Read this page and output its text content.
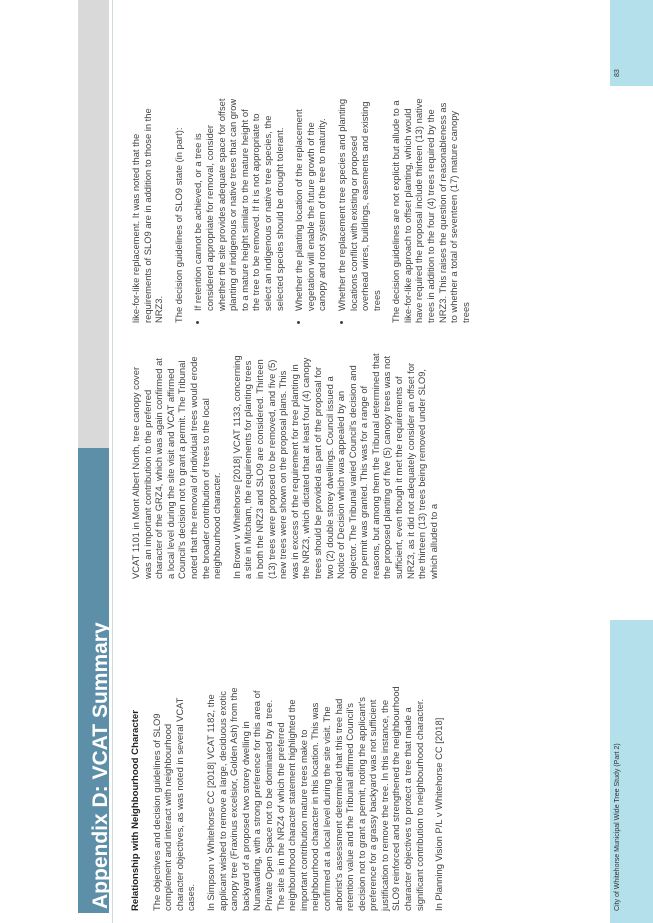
Appendix D: VCAT Summary	Relationship with Neighbourhood Character The objectives and decision guidelines of SLO9 complement and interact with neighbourhood character objectives, as was noted in several VCAT cases. In Simpson v Whitehorse CC [2018] VCAT 1182, the applicant wished to remove a large, deciduous exotic canopy tree (Fraxinus excelsior, Golden Ash) from the backyard of a proposed two storey dwelling in Nunawading, with a strong preference for this area of Private Open Space not to be dominated by a tree. The site is in the NRZ4 of which the preferred neighbourhood character statement highlighted the important contribution mature trees make to neighbourhood character in this location. This was confirmed at a local level during the site visit. The arborist's assessment determined that this tree had retention value and the Tribunal affirmed Council's decision not to grant a permit, noting the applicant's preference for a grassy backyard was not sufficient justification to remove the tree. In this instance, the SLO9 reinforced and strengthened the neighbourhood character objectives to protect a tree that made a significant contribution to neighbourhood character. In Planning Vision P/L v Whitehorse CC [2018]

VCAT 1101 in Mont Albert North, tree canopy cover was an important contribution to the preferred character of the GRZ4, which was again confirmed at a local level during the site visit and VCAT affirmed Council's decision not to grant a permit. The Tribunal noted that the removal of individual trees would erode the broader contribution of trees to the local neighbourhood character. In Brown v Whitehorse [2018] VCAT 1133, concerning a site in Mitcham, the requirements for planting trees in both the NRZ3 and SLO9 are considered. Thirteen (13) trees were proposed to be removed, and five (5) new trees were shown on the proposal plans. This was in excess of the requirement for tree planting in the NRZ3, which dictated that at least four (4) canopy trees should be provided as part of the proposal for two (2) double storey dwellings. Council issued a Notice of Decision which was appealed by an objector. The Tribunal varied Council's decision and no permit was granted. This was for a range of reasons, but among them the Tribunal determined that the proposed planting of five (5) canopy trees was not sufficient, even though it met the requirements of NRZ3, as it did not adequately consider an offset for the thirteen (13) trees being removed under SLO9, which alluded to a

like-for-like replacement. It was noted that the requirements of SLO9 are in addition to those in the NRZ3. The decision guidelines of SLO9 state (in part): • If retention cannot be achieved, or a tree is considered appropriate for removal, consider whether the site provides adequate space for offset planting of indigenous or native trees that can grow to a mature height similar to the mature height of the tree to be removed. If it is not appropriate to select an indigenous or native tree species, the selected species should be drought tolerant. • Whether the planting location of the replacement vegetation will enable the future growth of the canopy and root system of the tree to maturity. • Whether the replacement tree species and planting locations conflict with existing or proposed overhead wires, buildings, easements and existing trees The decision guidelines are not explicit but allude to a like-for-like approach to offset planting, which would have required the proposal include thirteen (13) native trees in addition to the four (4) trees required by the NRZ3. This raises the question of reasonableness as to whether a total of seventeen (17) mature canopy trees

City of Whitehorse Municipal Wide Tree Study (Part 2)
83
